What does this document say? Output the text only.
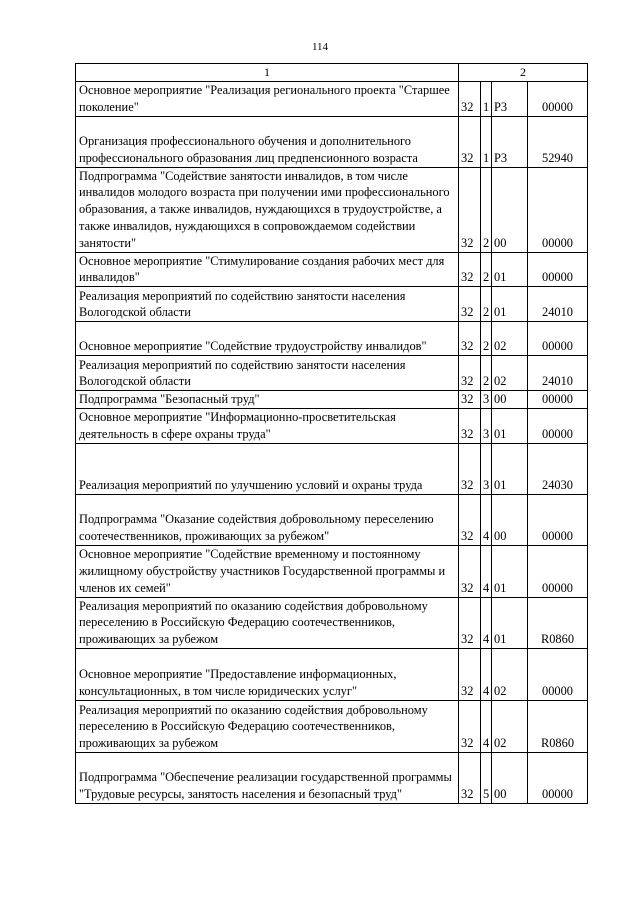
114
1	2			
Основное мероприятие "Реализация регионального проекта "Старшее поколение"	32	1	Р3	00000
Организация профессионального обучения и дополнительного профессионального образования лиц предпенсионного возраста	32	1	Р3	52940
Подпрограмма "Содействие занятости инвалидов, в том числе инвалидов молодого возраста при получении ими профессионального образования, а также инвалидов, нуждающихся в трудоустройстве, а также инвалидов, нуждающихся в сопровождаемом содействии занятости"	32	2	00	00000
Основное мероприятие "Стимулирование создания рабочих мест для инвалидов"	32	2	01	00000
Реализация мероприятий по содействию занятости населения Вологодской области	32	2	01	24010
Основное мероприятие "Содействие трудоустройству инвалидов"	32	2	02	00000
Реализация мероприятий по содействию занятости населения Вологодской области	32	2	02	24010
Подпрограмма "Безопасный труд"	32	3	00	00000
Основное мероприятие "Информационно-просветительская деятельность в сфере охраны труда"	32	3	01	00000
Реализация мероприятий по улучшению условий и охраны труда	32	3	01	24030
Подпрограмма "Оказание содействия добровольному переселению соотечественников, проживающих за рубежом"	32	4	00	00000
Основное мероприятие "Содействие временному и постоянному жилищному обустройству участников Государственной программы и членов их семей"	32	4	01	00000
Реализация мероприятий по оказанию содействия добровольному переселению в Российскую Федерацию соотечественников, проживающих за рубежом	32	4	01	R0860
Основное мероприятие "Предоставление информационных, консультационных, в том числе юридических услуг"	32	4	02	00000
Реализация мероприятий по оказанию содействия добровольному переселению в Российскую Федерацию соотечественников, проживающих за рубежом	32	4	02	R0860
Подпрограмма "Обеспечение реализации государственной программы "Трудовые ресурсы, занятость населения и безопасный труд"	32	5	00	00000
